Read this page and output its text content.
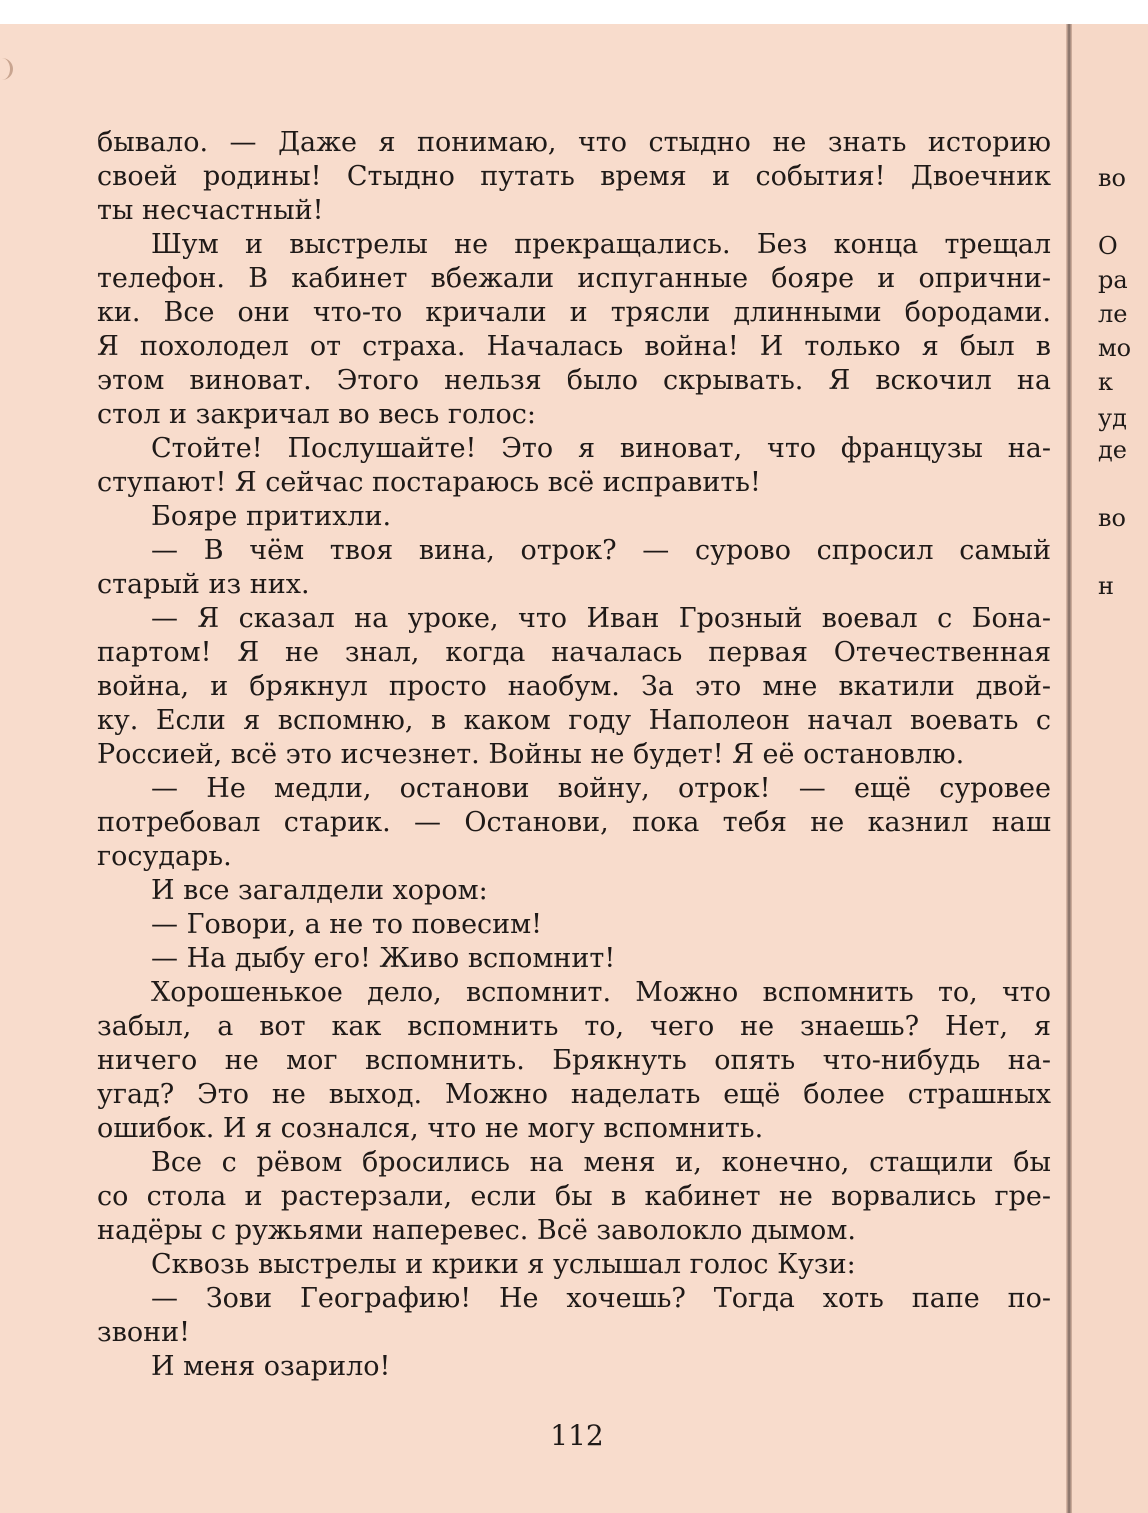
бывало. — Даже я понимаю, что стыдно не знать историю
своей родины! Стыдно путать время и события! Двоечник
ты несчастный!
Шум и выстрелы не прекращались. Без конца трещал
телефон. В кабинет вбежали испуганные бояре и опрични-
ки. Все они что-то кричали и трясли длинными бородами.
Я похолодел от страха. Началась война! И только я был в
этом виноват. Этого нельзя было скрывать. Я вскочил на
стол и закричал во весь голос:
Стойте! Послушайте! Это я виноват, что французы на-
ступают! Я сейчас постараюсь всё исправить!
Бояре притихли.
— В чём твоя вина, отрок? — сурово спросил самый
старый из них.
— Я сказал на уроке, что Иван Грозный воевал с Бона-
партом! Я не знал, когда началась первая Отечественная
война, и брякнул просто наобум. За это мне вкатили двой-
ку. Если я вспомню, в каком году Наполеон начал воевать с
Россией, всё это исчезнет. Войны не будет! Я её остановлю.
— Не медли, останови войну, отрок! — ещё суровее
потребовал старик. — Останови, пока тебя не казнил наш
государь.
И все загалдели хором:
— Говори, а не то повесим!
— На дыбу его! Живо вспомнит!
Хорошенькое дело, вспомнит. Можно вспомнить то, что
забыл, а вот как вспомнить то, чего не знаешь? Нет, я
ничего не мог вспомнить. Брякнуть опять что-нибудь на-
угад? Это не выход. Можно наделать ещё более страшных
ошибок. И я сознался, что не могу вспомнить.
Все с рёвом бросились на меня и, конечно, стащили бы
со стола и растерзали, если бы в кабинет не ворвались гре-
надёры с ружьями наперевес. Всё заволокло дымом.
Сквозь выстрелы и крики я услышал голос Кузи:
— Зови Географию! Не хочешь? Тогда хоть папе по-
звони!
И меня озарило!
112
во
О
ра
ле
мо
к
уд
де
во
н
